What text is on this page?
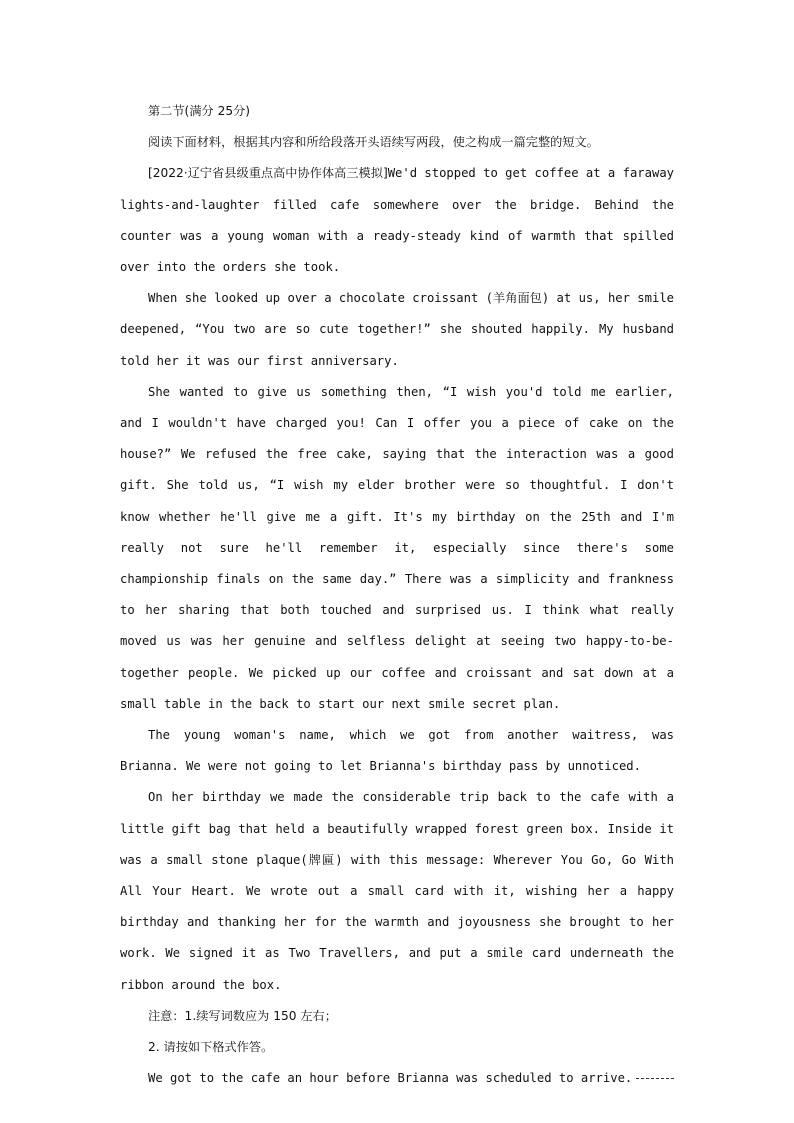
第二节(满分 25分)
阅读下面材料，根据其内容和所给段落开头语续写两段，使之构成一篇完整的短文。

[2022·辽宁省县级重点高中协作体高三模拟]We'd stopped to get coffee at a faraway lights-and-laughter filled cafe somewhere over the bridge. Behind the counter was a young woman with a ready-steady kind of warmth that spilled over into the orders she took.

When she looked up over a chocolate croissant (羊角面包) at us, her smile deepened, “You two are so cute together!” she shouted happily. My husband told her it was our first anniversary.

She wanted to give us something then, “I wish you'd told me earlier, and I wouldn't have charged you! Can I offer you a piece of cake on the house?” We refused the free cake, saying that the interaction was a good gift. She told us, “I wish my elder brother were so thoughtful. I don't know whether he'll give me a gift. It's my birthday on the 25th and I'm really not sure he'll remember it, especially since there's some championship finals on the same day.” There was a simplicity and frankness to her sharing that both touched and surprised us. I think what really moved us was her genuine and selfless delight at seeing two happy-to-be-together people. We picked up our coffee and croissant and sat down at a small table in the back to start our next smile secret plan.

The young woman's name, which we got from another waitress, was Brianna. We were not going to let Brianna's birthday pass by unnoticed.

On her birthday we made the considerable trip back to the cafe with a little gift bag that held a beautifully wrapped forest green box. Inside it was a small stone plaque(牌匾) with this message: Wherever You Go, Go With All Your Heart. We wrote out a small card with it, wishing her a happy birthday and thanking her for the warmth and joyousness she brought to her work. We signed it as Two Travellers, and put a smile card underneath the ribbon around the box.

注意：1.续写词数应为 150 左右；
2. 请按如下格式作答。
We got to the cafe an hour before Brianna was scheduled to arrive.
